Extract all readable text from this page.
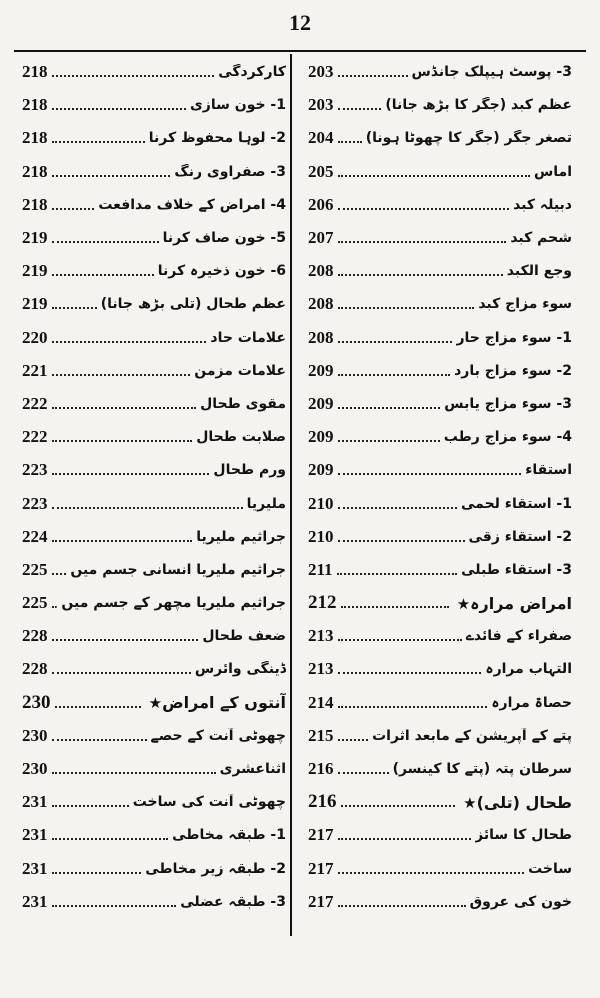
12
203	3- پوسٹ ہیپلک جانڈس
203	عظم کبد (جگر کا بڑھ جانا)
204 تصغر جگر (جگر کا چھوٹا ہونا)
205	اماس
206	دبیلہ کبد
207	شحم کبد
208	وجع الکبد
208	سوء مزاج کبد
208	1- سوء مزاج حار
209	2- سوء مزاج بارد
209	3- سوء مزاج یابس
209	4- سوء مزاج رطب
209	استقاء
210	1- استقاء لحمی
210	2- استقاء زقی
211	3- استقاء طبلی
212	امراض مرارہ★
213	صفراء کے فائدے
213	التہاب مرارہ
214	حصاۃ مرارہ
215	پتے کے آپریشن کے مابعد اثرات
216	سرطان پتہ (پتے کا کینسر)
216	طحال (تلی)★
217	طحال کا سائز
217	ساخت
217	خون کی عروق
218	کارکردگی
218	1- خون سازی
218	2- لوہا محفوظ کرنا
218	3- صفراوی رنگ
218	4- امراض کے خلاف مدافعت
219	5- خون صاف کرنا
219	6- خون ذخیرہ کرنا
219	عظم طحال (تلی بڑھ جانا)
220	علامات حاد
221	علامات مزمن
222	مقوی طحال
222	صلابت طحال
223	ورم طحال
223	ملیریا
224	جراثیم ملیریا
225 جراثیم ملیریا انسانی جسم میں
225 جراثیم ملیریا مچھر کے جسم میں
228	ضعف طحال
228	ڈینگی وائرس
230	آنتوں کے امراض★
230	چھوٹی آنت کے حصے
230	اثناعشری
231	چھوٹی آنت کی ساخت
231	1- طبقہ مخاطی
231	2- طبقہ زیر مخاطی
231	3- طبقہ عضلی
